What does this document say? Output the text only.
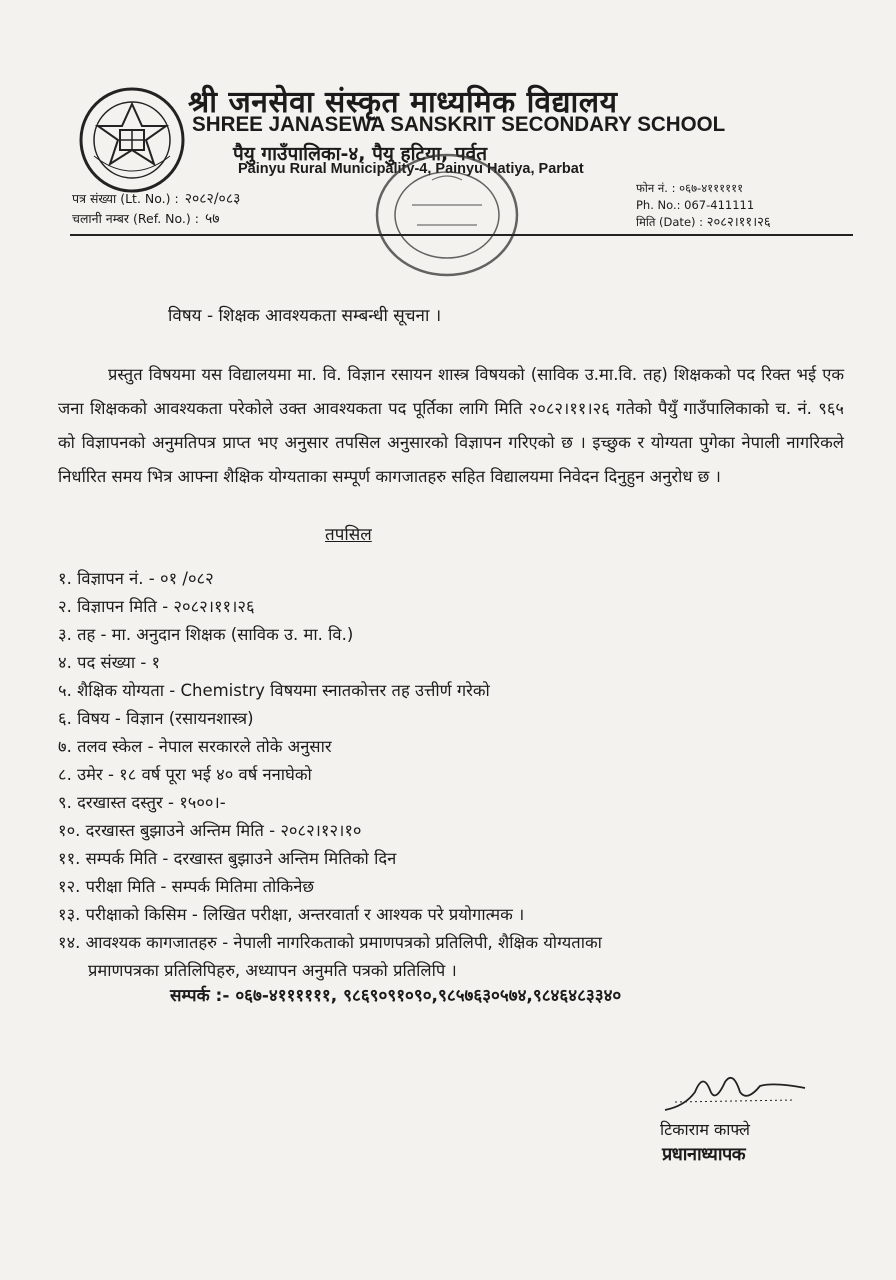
श्री जनसेवा संस्कृत माध्यमिक विद्यालय
SHREE JANASEWA SANSKRIT SECONDARY SCHOOL
पैयु गाउँपालिका-४, पैयु हटिया, पर्वत
Painyu Rural Municipality-4, Painyu Hatiya, Parbat
पत्र संख्या (Lt. No.) : २०८२/०८३
चलानी नम्बर (Ref. No.) : ५७
फोन नं. : ०६७-४११११११
Ph. No.: 067-411111
मिति (Date) : २०८२।११।२६
विषय - शिक्षक आवश्यकता सम्बन्धी सूचना ।

प्रस्तुत विषयमा यस विद्यालयमा मा. वि. विज्ञान रसायन शास्त्र विषयको (साविक उ.मा.वि. तह) शिक्षकको पद रिक्त भई एक जना शिक्षकको आवश्यकता परेकोले उक्त आवश्यकता पद पूर्तिका लागि मिति २०८२।११।२६ गतेको पैयुँ गाउँपालिकाको च. नं. ९६५ को विज्ञापनको अनुमतिपत्र प्राप्त भए अनुसार तपसिल अनुसारको विज्ञापन गरिएको छ । इच्छुक र योग्यता पुगेका नेपाली नागरिकले निर्धारित समय भित्र आफ्ना शैक्षिक योग्यताका सम्पूर्ण कागजातहरु सहित विद्यालयमा निवेदन दिनुहुन अनुरोध छ ।

तपसिल
१. विज्ञापन नं. - ०१ /०८२
२. विज्ञापन मिति - २०८२।११।२६
३. तह - मा. अनुदान शिक्षक (साविक उ. मा. वि.)
४. पद संख्या - १
५. शैक्षिक योग्यता - Chemistry विषयमा स्नातकोत्तर तह उत्तीर्ण गरेको
६. विषय - विज्ञान (रसायनशास्त्र)
७. तलव स्केल - नेपाल सरकारले तोके अनुसार
८. उमेर - १८ वर्ष पूरा भई ४० वर्ष ननाघेको
९. दरखास्त दस्तुर - १५००।-
१०. दरखास्त बुझाउने अन्तिम मिति - २०८२।१२।१०
११. सम्पर्क मिति - दरखास्त बुझाउने अन्तिम मितिको दिन
१२. परीक्षा मिति - सम्पर्क मितिमा तोकिनेछ
१३. परीक्षाको किसिम - लिखित परीक्षा, अन्तरवार्ता र आश्यक परे प्रयोगात्मक ।
१४. आवश्यक कागजातहरु - नेपाली नागरिकताको प्रमाणपत्रको प्रतिलिपी, शैक्षिक योग्यताका
प्रमाणपत्रका प्रतिलिपिहरु, अध्यापन अनुमति पत्रको प्रतिलिपि ।
सम्पर्क :- ०६७-४११११११, ९८६९०९१०९०,९८५७६३०५७४,९८४६४८३३४०
टिकाराम काफ्ले
प्रधानाध्यापक
